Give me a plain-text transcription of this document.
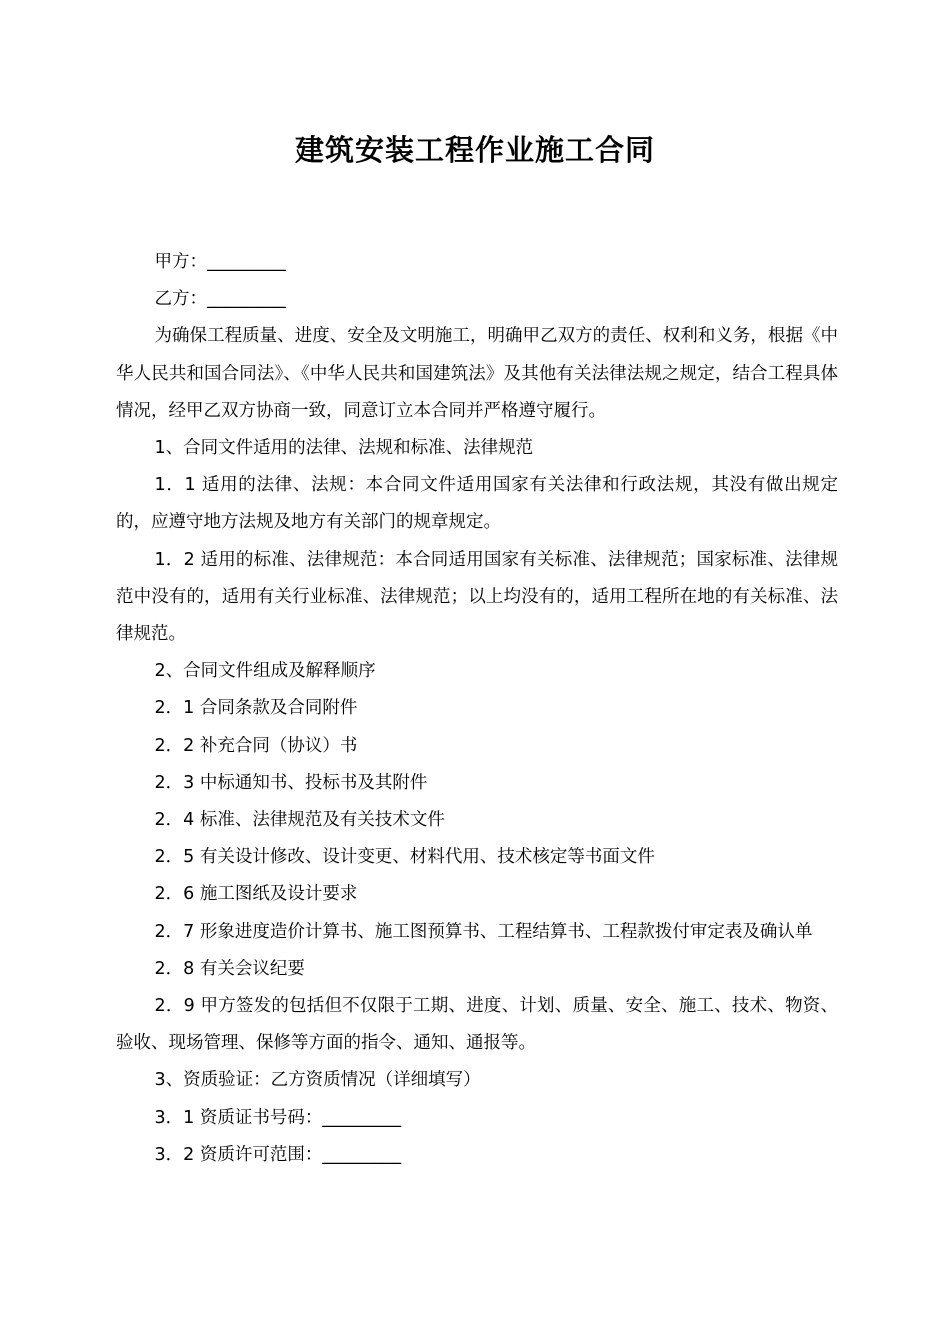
建筑安装工程作业施工合同

甲方：_________

乙方：_________

为确保工程质量、进度、安全及文明施工，明确甲乙双方的责任、权利和义务，根据《中华人民共和国合同法》、《中华人民共和国建筑法》及其他有关法律法规之规定，结合工程具体情况，经甲乙双方协商一致，同意订立本合同并严格遵守履行。

1、合同文件适用的法律、法规和标准、法律规范

1．1 适用的法律、法规：本合同文件适用国家有关法律和行政法规，其没有做出规定的，应遵守地方法规及地方有关部门的规章规定。

1．2 适用的标准、法律规范：本合同适用国家有关标准、法律规范；国家标准、法律规范中没有的，适用有关行业标准、法律规范；以上均没有的，适用工程所在地的有关标准、法律规范。

2、合同文件组成及解释顺序

2．1 合同条款及合同附件

2．2 补充合同（协议）书

2．3 中标通知书、投标书及其附件

2．4 标准、法律规范及有关技术文件

2．5 有关设计修改、设计变更、材料代用、技术核定等书面文件

2．6 施工图纸及设计要求

2．7 形象进度造价计算书、施工图预算书、工程结算书、工程款拨付审定表及确认单

2．8 有关会议纪要

2．9 甲方签发的包括但不仅限于工期、进度、计划、质量、安全、施工、技术、物资、验收、现场管理、保修等方面的指令、通知、通报等。

3、资质验证：乙方资质情况（详细填写）

3．1 资质证书号码：_________

3．2 资质许可范围：_________
